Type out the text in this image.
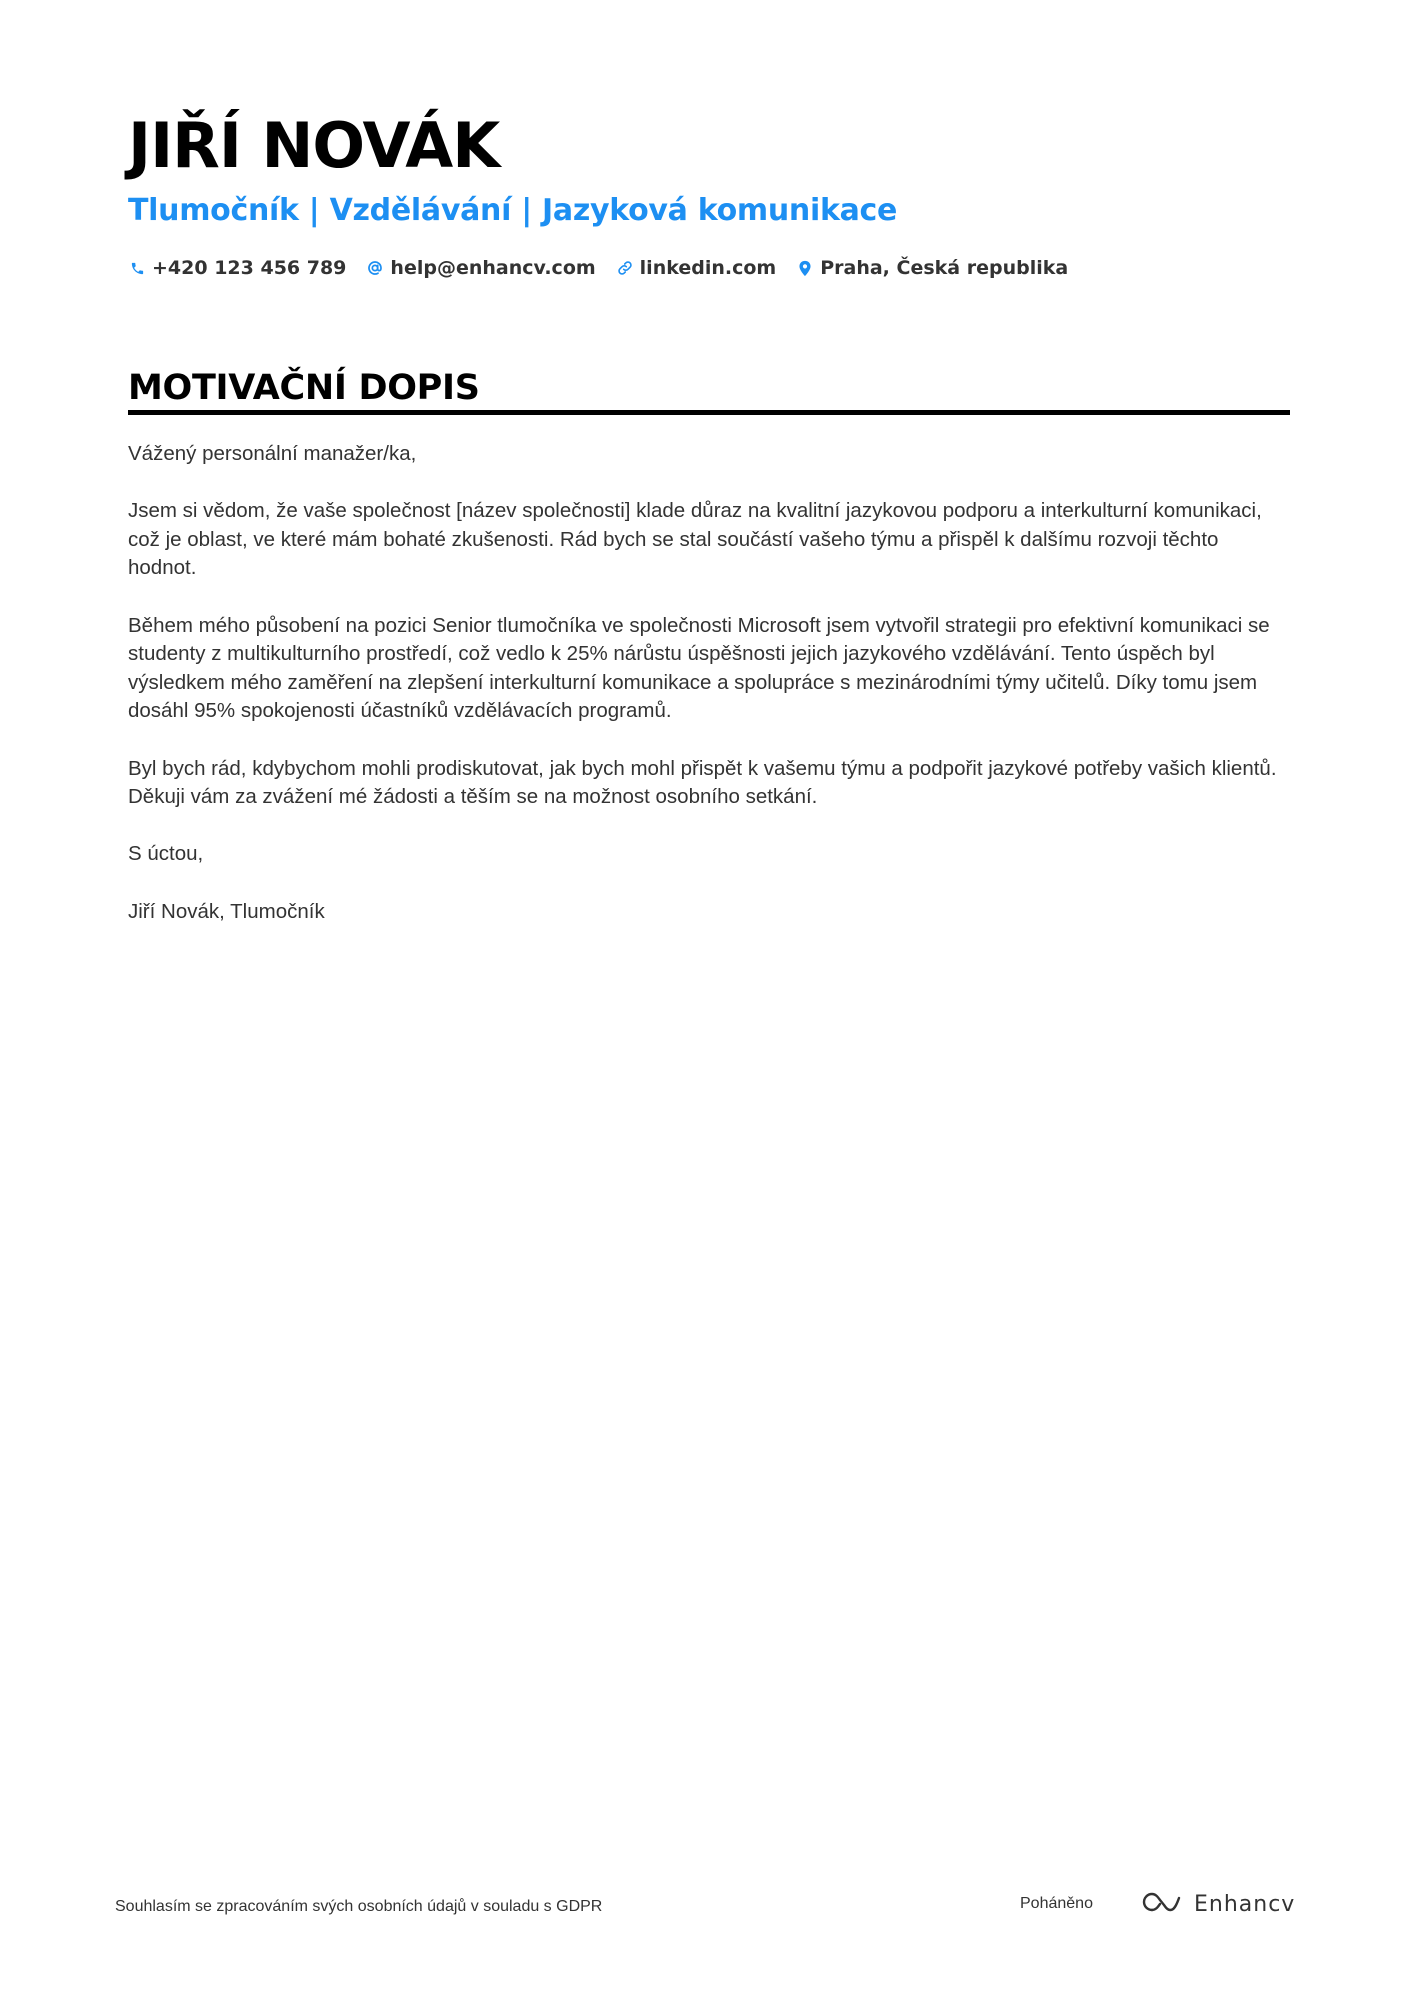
JIŘÍ NOVÁK
Tlumočník | Vzdělávání | Jazyková komunikace
+420 123 456 789 help@enhancv.com linkedin.com Praha, Česká republika
MOTIVAČNÍ DOPIS

Vážený personální manažer/ka,

Jsem si vědom, že vaše společnost [název společnosti] klade důraz na kvalitní jazykovou podporu a interkulturní komunikaci, což je oblast, ve které mám bohaté zkušenosti. Rád bych se stal součástí vašeho týmu a přispěl k dalšímu rozvoji těchto hodnot.

Během mého působení na pozici Senior tlumočníka ve společnosti Microsoft jsem vytvořil strategii pro efektivní komunikaci se studenty z multikulturního prostředí, což vedlo k 25% nárůstu úspěšnosti jejich jazykového vzdělávání. Tento úspěch byl výsledkem mého zaměření na zlepšení interkulturní komunikace a spolupráce s mezinárodními týmy učitelů. Díky tomu jsem dosáhl 95% spokojenosti účastníků vzdělávacích programů.

Byl bych rád, kdybychom mohli prodiskutovat, jak bych mohl přispět k vašemu týmu a podpořit jazykové potřeby vašich klientů. Děkuji vám za zvážení mé žádosti a těším se na možnost osobního setkání.

S úctou,

Jiří Novák, Tlumočník

Souhlasím se zpracováním svých osobních údajů v souladu s GDPR	Poháněno	Enhancv
